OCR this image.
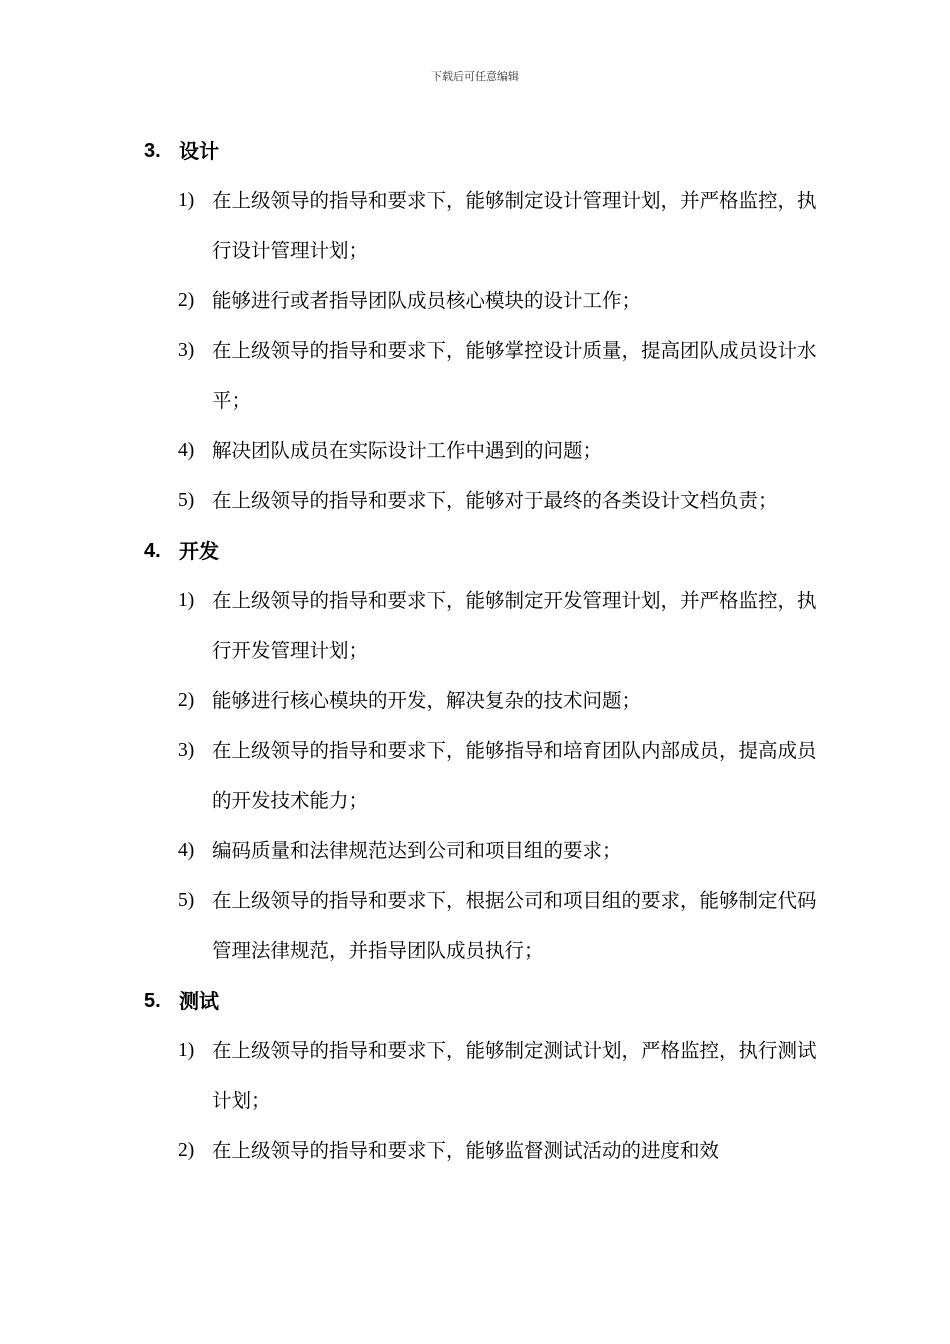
下载后可任意编辑
3. 设计
1) 在上级领导的指导和要求下，能够制定设计管理计划，并严格监控，执行设计管理计划；
2) 能够进行或者指导团队成员核心模块的设计工作；
3) 在上级领导的指导和要求下，能够掌控设计质量，提高团队成员设计水平；
4) 解决团队成员在实际设计工作中遇到的问题；
5) 在上级领导的指导和要求下，能够对于最终的各类设计文档负责；
4. 开发
1) 在上级领导的指导和要求下，能够制定开发管理计划，并严格监控，执行开发管理计划；
2) 能够进行核心模块的开发，解决复杂的技术问题；
3) 在上级领导的指导和要求下，能够指导和培育团队内部成员，提高成员的开发技术能力；
4) 编码质量和法律规范达到公司和项目组的要求；
5) 在上级领导的指导和要求下，根据公司和项目组的要求，能够制定代码管理法律规范，并指导团队成员执行；
5. 测试
1) 在上级领导的指导和要求下，能够制定测试计划，严格监控，执行测试计划；
2) 在上级领导的指导和要求下，能够监督测试活动的进度和效
